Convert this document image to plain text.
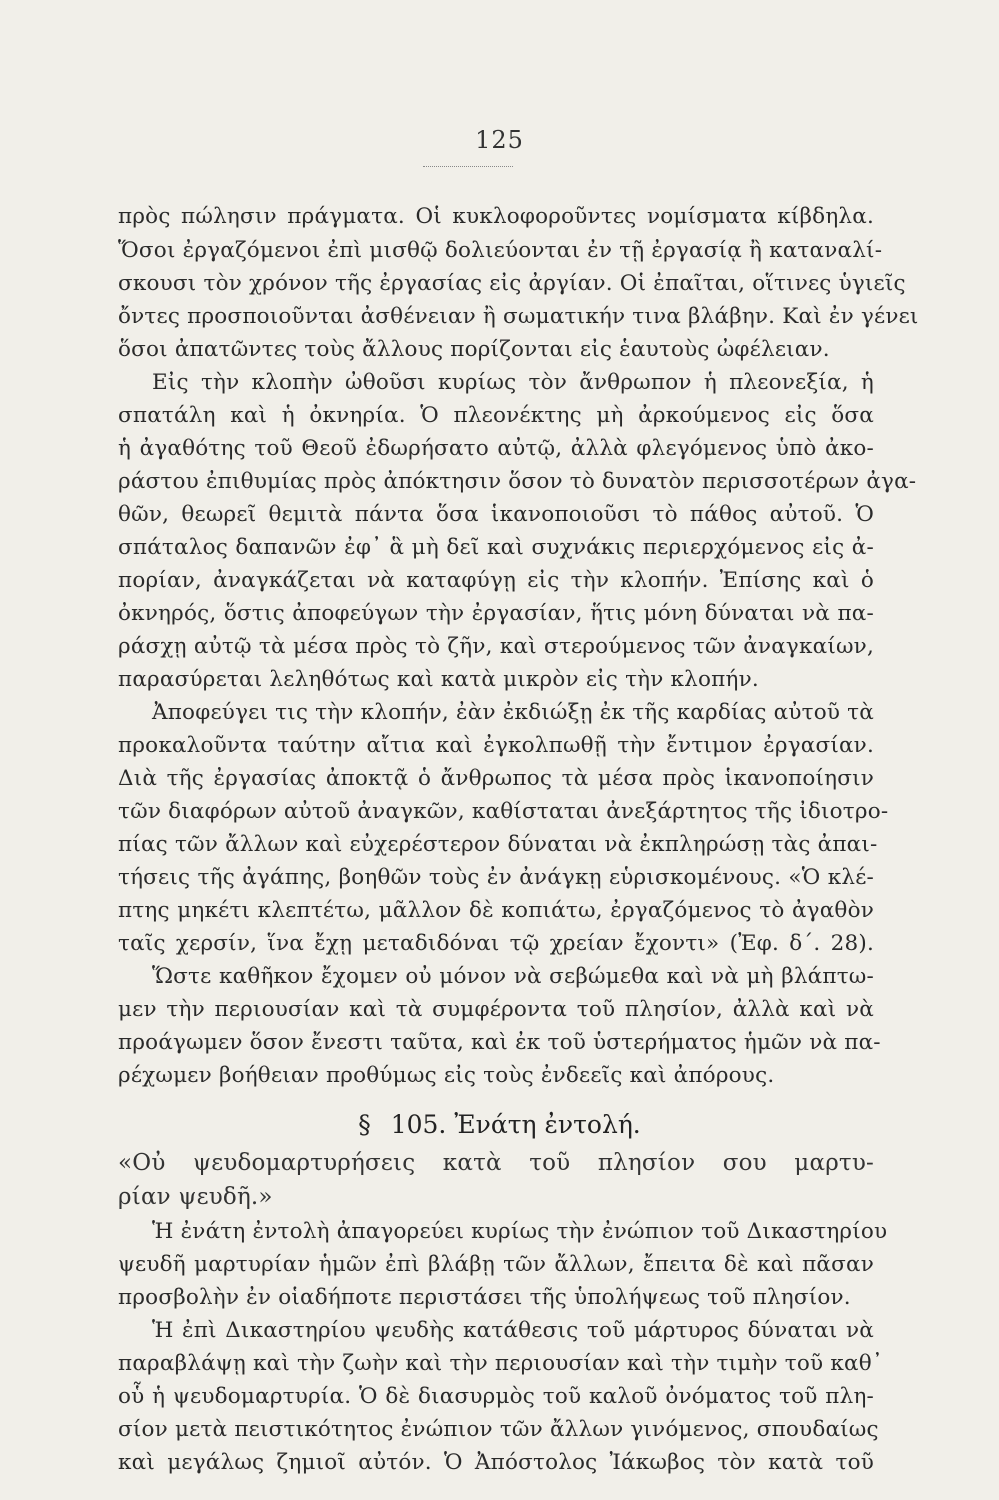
125
πρὸς πώλησιν πράγματα. Οἱ κυκλοφοροῦντες νομίσματα κίβδηλα.
Ὅσοι ἐργαζόμενοι ἐπὶ μισθῷ δολιεύονται ἐν τῇ ἐργασίᾳ ἢ καταναλί-
σκουσι τὸν χρόνον τῆς ἐργασίας εἰς ἀργίαν. Οἱ ἐπαῖται, οἵτινες ὑγιεῖς
ὄντες προσποιοῦνται ἀσθένειαν ἢ σωματικήν τινα βλάβην. Καὶ ἐν γένει
ὅσοι ἀπατῶντες τοὺς ἄλλους πορίζονται εἰς ἑαυτοὺς ὠφέλειαν.
Εἰς τὴν κλοπὴν ὠθοῦσι κυρίως τὸν ἄνθρωπον ἡ πλεονεξία, ἡ
σπατάλη καὶ ἡ ὀκνηρία. Ὁ πλεονέκτης μὴ ἀρκούμενος εἰς ὅσα
ἡ ἀγαθότης τοῦ Θεοῦ ἐδωρήσατο αὐτῷ, ἀλλὰ φλεγόμενος ὑπὸ ἀκο-
ράστου ἐπιθυμίας πρὸς ἀπόκτησιν ὅσον τὸ δυνατὸν περισσοτέρων ἀγα-
θῶν, θεωρεῖ θεμιτὰ πάντα ὅσα ἱκανοποιοῦσι τὸ πάθος αὐτοῦ. Ὁ
σπάταλος δαπανῶν ἐφ᾽ ἃ μὴ δεῖ καὶ συχνάκις περιερχόμενος εἰς ἀ-
πορίαν, ἀναγκάζεται νὰ καταφύγῃ εἰς τὴν κλοπήν. Ἐπίσης καὶ ὁ
ὀκνηρός, ὅστις ἀποφεύγων τὴν ἐργασίαν, ἥτις μόνη δύναται νὰ πα-
ράσχῃ αὐτῷ τὰ μέσα πρὸς τὸ ζῆν, καὶ στερούμενος τῶν ἀναγκαίων,
παρασύρεται λεληθότως καὶ κατὰ μικρὸν εἰς τὴν κλοπήν.
Ἀποφεύγει τις τὴν κλοπήν, ἐὰν ἐκδιώξῃ ἐκ τῆς καρδίας αὐτοῦ τὰ
προκαλοῦντα ταύτην αἴτια καὶ ἐγκολπωθῇ τὴν ἔντιμον ἐργασίαν.
Διὰ τῆς ἐργασίας ἀποκτᾷ ὁ ἄνθρωπος τὰ μέσα πρὸς ἱκανοποίησιν
τῶν διαφόρων αὐτοῦ ἀναγκῶν, καθίσταται ἀνεξάρτητος τῆς ἰδιοτρο-
πίας τῶν ἄλλων καὶ εὐχερέστερον δύναται νὰ ἐκπληρώσῃ τὰς ἀπαι-
τήσεις τῆς ἀγάπης, βοηθῶν τοὺς ἐν ἀνάγκῃ εὑρισκομένους. «Ὁ κλέ-
πτης μηκέτι κλεπτέτω, μᾶλλον δὲ κοπιάτω, ἐργαζόμενος τὸ ἀγαθὸν
ταῖς χερσίν, ἵνα ἔχῃ μεταδιδόναι τῷ χρείαν ἔχοντι» (Ἐφ. δ΄. 28).
Ὥστε καθῆκον ἔχομεν οὐ μόνον νὰ σεβώμεθα καὶ νὰ μὴ βλάπτω-
μεν τὴν περιουσίαν καὶ τὰ συμφέροντα τοῦ πλησίον, ἀλλὰ καὶ νὰ
προάγωμεν ὅσον ἔνεστι ταῦτα, καὶ ἐκ τοῦ ὑστερήματος ἡμῶν νὰ πα-
ρέχωμεν βοήθειαν προθύμως εἰς τοὺς ἐνδεεῖς καὶ ἀπόρους.
§ 105. Ἐνάτη ἐντολή.
«Οὐ ψευδομαρτυρήσεις κατὰ τοῦ πλησίον σου μαρτυ-
ρίαν ψευδῆ.»
Ἡ ἐνάτη ἐντολὴ ἀπαγορεύει κυρίως τὴν ἐνώπιον τοῦ Δικαστηρίου
ψευδῆ μαρτυρίαν ἡμῶν ἐπὶ βλάβῃ τῶν ἄλλων, ἔπειτα δὲ καὶ πᾶσαν
προσβολὴν ἐν οἱαδήποτε περιστάσει τῆς ὑπολήψεως τοῦ πλησίον.
Ἡ ἐπὶ Δικαστηρίου ψευδὴς κατάθεσις τοῦ μάρτυρος δύναται νὰ
παραβλάψῃ καὶ τὴν ζωὴν καὶ τὴν περιουσίαν καὶ τὴν τιμὴν τοῦ καθ᾽
οὗ ἡ ψευδομαρτυρία. Ὁ δὲ διασυρμὸς τοῦ καλοῦ ὀνόματος τοῦ πλη-
σίον μετὰ πειστικότητος ἐνώπιον τῶν ἄλλων γινόμενος, σπουδαίως
καὶ μεγάλως ζημιοῖ αὐτόν. Ὁ Ἀπόστολος Ἰάκωβος τὸν κατὰ τοῦ
